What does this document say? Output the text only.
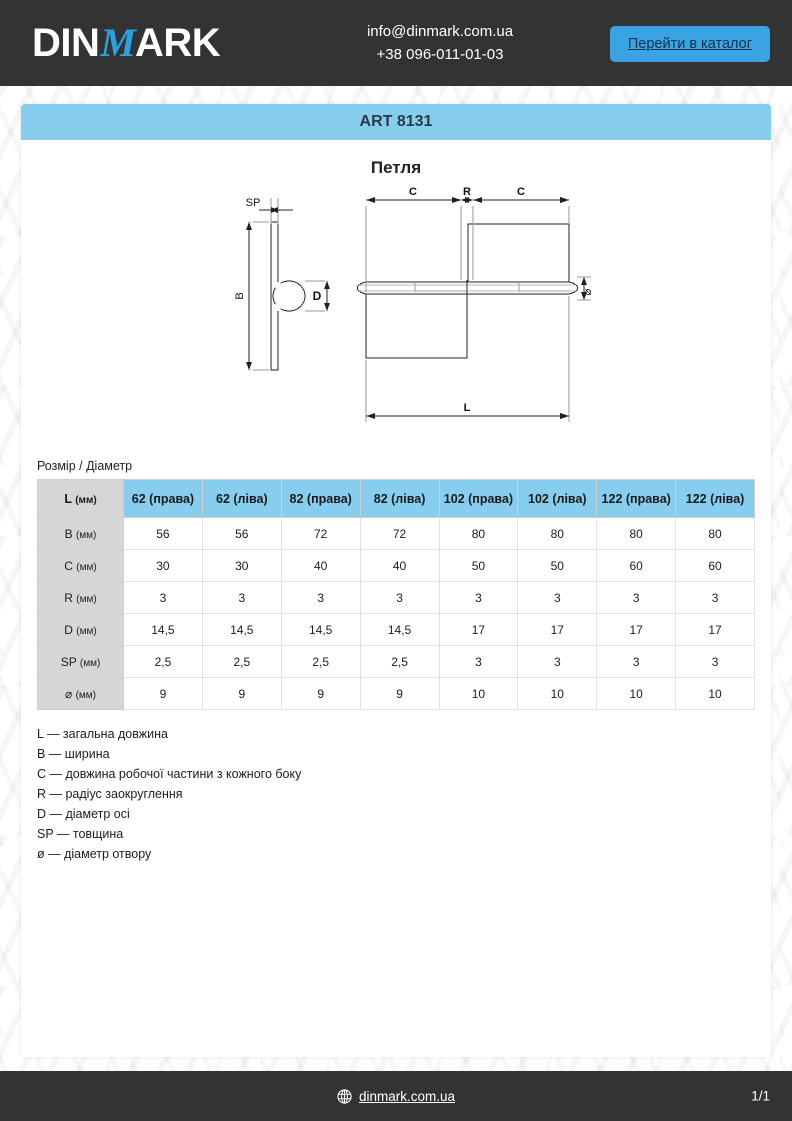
DINMARK	info@dinmark.com.ua
+38 096-011-01-03
Перейти в каталог
ART 8131
Петля
SP
B	D
C	R	C
⌀
L
Розмір / Діаметр
L (мм)	62 (права)	62 (ліва)	82 (права)	82 (ліва)	102 (права)	102 (ліва)	122 (права)	122 (ліва)
B (мм)	56	56	72	72	80	80	80	80
C (мм)	30	30	40	40	50	50	60	60
R (мм)	3	3	3	3	3	3	3	3
D (мм)	14,5	14,5	14,5	14,5	17	17	17	17
SP (мм)	2,5	2,5	2,5	2,5	3	3	3	3
⌀ (мм)	9	9	9	9	10	10	10	10
L — загальна довжина
B — ширина
C — довжина робочої частини з кожного боку
R — радіус заокруглення
D — діаметр осі
SP — товщина
ø — діаметр отвору
dinmark.com.ua	1/1
